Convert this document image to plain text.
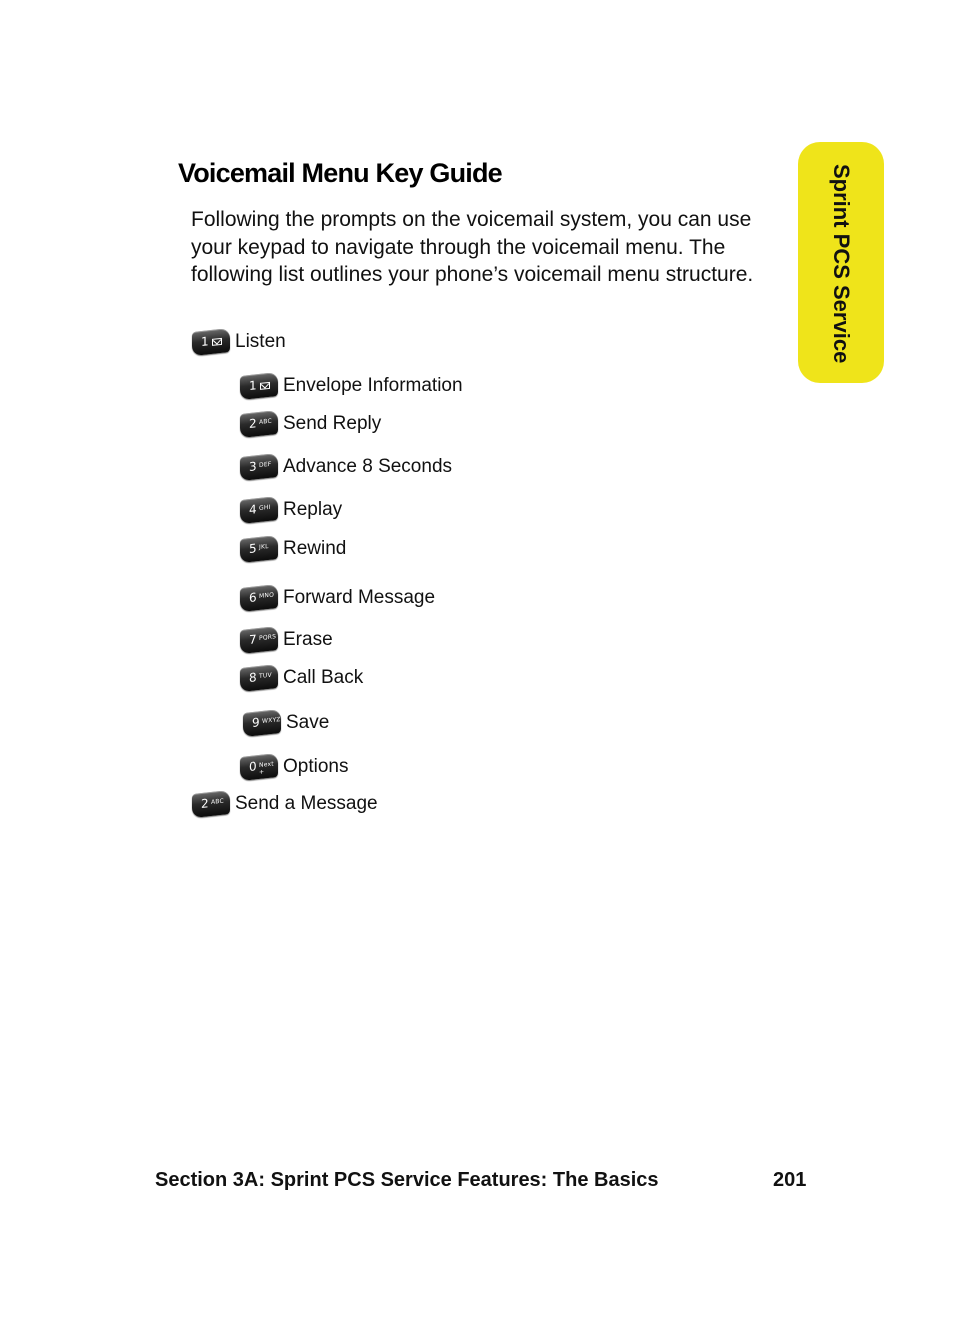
Voicemail Menu Key Guide
Following the prompts on the voicemail system, you can use your keypad to navigate through the voicemail menu. The following list outlines your phone’s voicemail menu structure.	Sprint PCS Service
1 Listen
1 Envelope Information
2 ABC Send Reply
3 DEF Advance 8 Seconds
4 GHI Replay
5 JKL Rewind
6 MNO Forward Message
7 PQRS Erase
8 TUV Call Back
9 WXYZ Save
0 Next + Options
2 ABC Send a Message
Section 3A: Sprint PCS Service Features: The Basics	201
